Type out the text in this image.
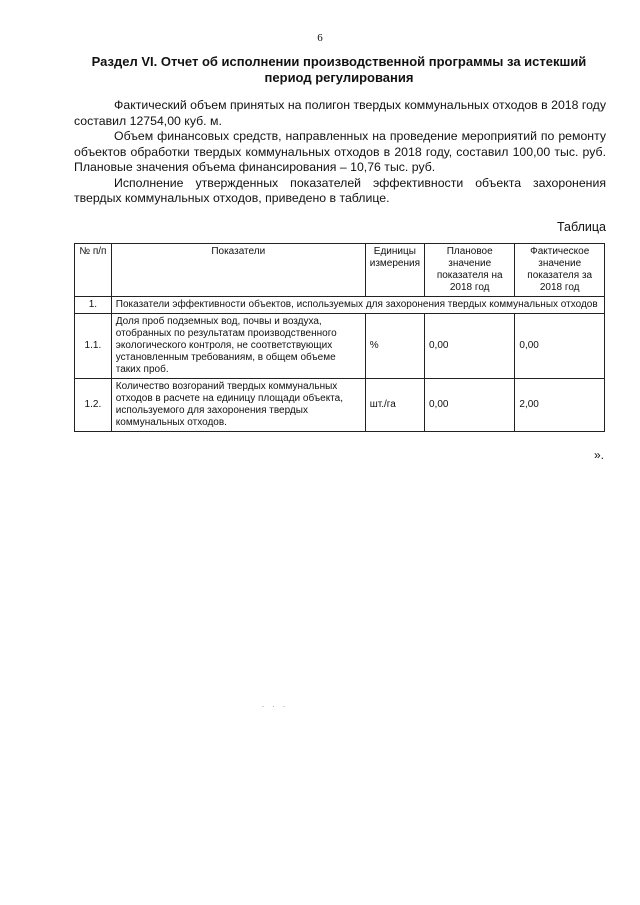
6
Раздел VI. Отчет об исполнении производственной программы за истекший период регулирования

Фактический объем принятых на полигон твердых коммунальных отходов в 2018 году составил 12754,00 куб. м.

Объем финансовых средств, направленных на проведение мероприятий по ремонту объектов обработки твердых коммунальных отходов в 2018 году, составил 100,00 тыс. руб. Плановые значения объема финансирования – 10,76 тыс. руб.

Исполнение утвержденных показателей эффективности объекта захоронения твердых коммунальных отходов, приведено в таблице.

Таблица
№ п/п	Показатели	Единицы измерения	Плановое значение показателя на 2018 год	Фактическое значение показателя за 2018 год
1.	Показатели эффективности объектов, используемых для захоронения твердых коммунальных отходов			
1.1.	Доля проб подземных вод, почвы и воздуха, отобранных по результатам производственного экологического контроля, не соответствующих установленным требованиям, в общем объеме таких проб.	%	0,00	0,00
1.2.	Количество возгораний твердых коммунальных отходов в расчете на единицу площади объекта, используемого для захоронения твердых коммунальных отходов.	шт./га	0,00	2,00
».
. . .
